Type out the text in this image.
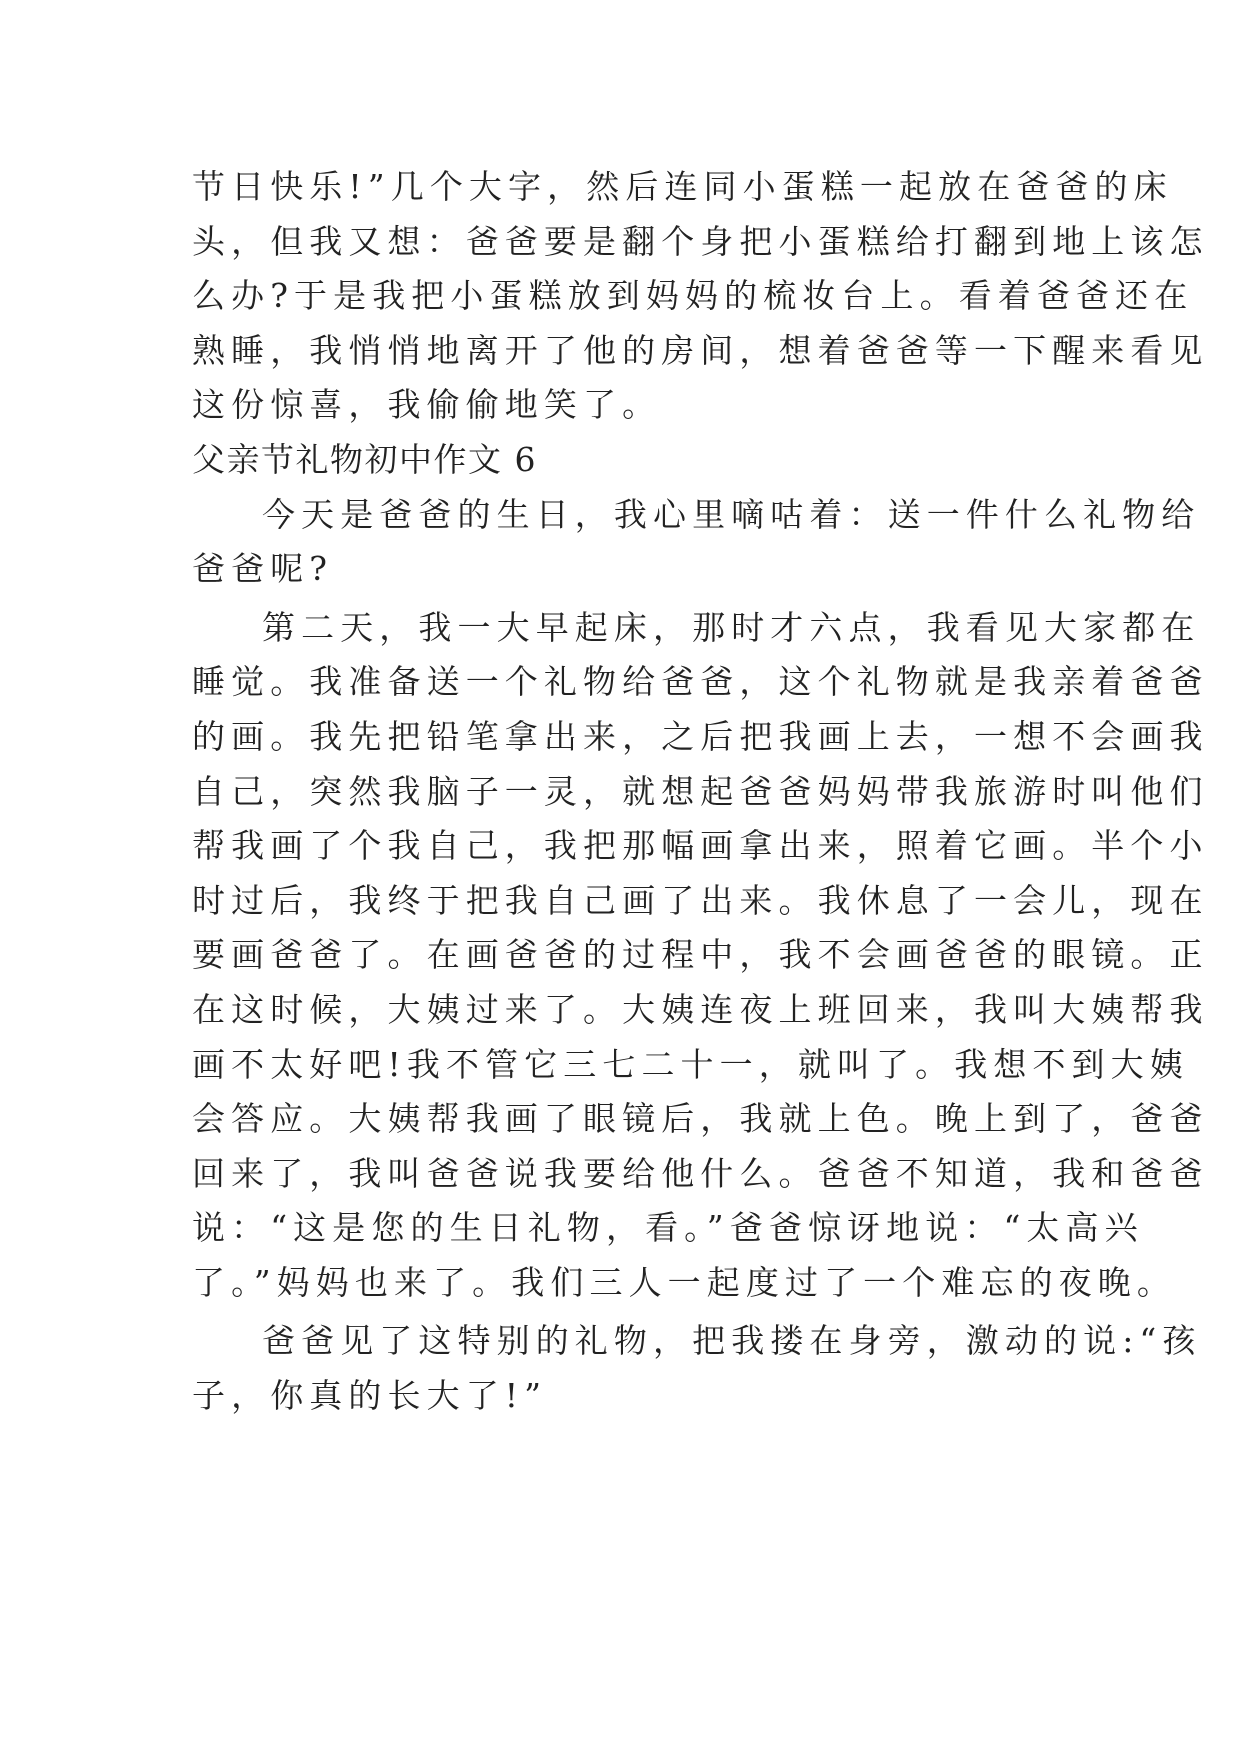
节日快乐!”几个大字，然后连同小蛋糕一起放在爸爸的床
头，但我又想：爸爸要是翻个身把小蛋糕给打翻到地上该怎
么办?于是我把小蛋糕放到妈妈的梳妆台上。看着爸爸还在
熟睡，我悄悄地离开了他的房间，想着爸爸等一下醒来看见
这份惊喜，我偷偷地笑了。
父亲节礼物初中作文 6
今天是爸爸的生日，我心里嘀咕着：送一件什么礼物给
爸爸呢?
第二天，我一大早起床，那时才六点，我看见大家都在
睡觉。我准备送一个礼物给爸爸，这个礼物就是我亲着爸爸
的画。我先把铅笔拿出来，之后把我画上去，一想不会画我
自己，突然我脑子一灵，就想起爸爸妈妈带我旅游时叫他们
帮我画了个我自己，我把那幅画拿出来，照着它画。半个小
时过后，我终于把我自己画了出来。我休息了一会儿，现在
要画爸爸了。在画爸爸的过程中，我不会画爸爸的眼镜。正
在这时候，大姨过来了。大姨连夜上班回来，我叫大姨帮我
画不太好吧!我不管它三七二十一，就叫了。我想不到大姨
会答应。大姨帮我画了眼镜后，我就上色。晚上到了，爸爸
回来了，我叫爸爸说我要给他什么。爸爸不知道，我和爸爸
说：“这是您的生日礼物，看。”爸爸惊讶地说：“太高兴
了。”妈妈也来了。我们三人一起度过了一个难忘的夜晚。
爸爸见了这特别的礼物，把我搂在身旁，激动的说:“孩
子，你真的长大了!”
